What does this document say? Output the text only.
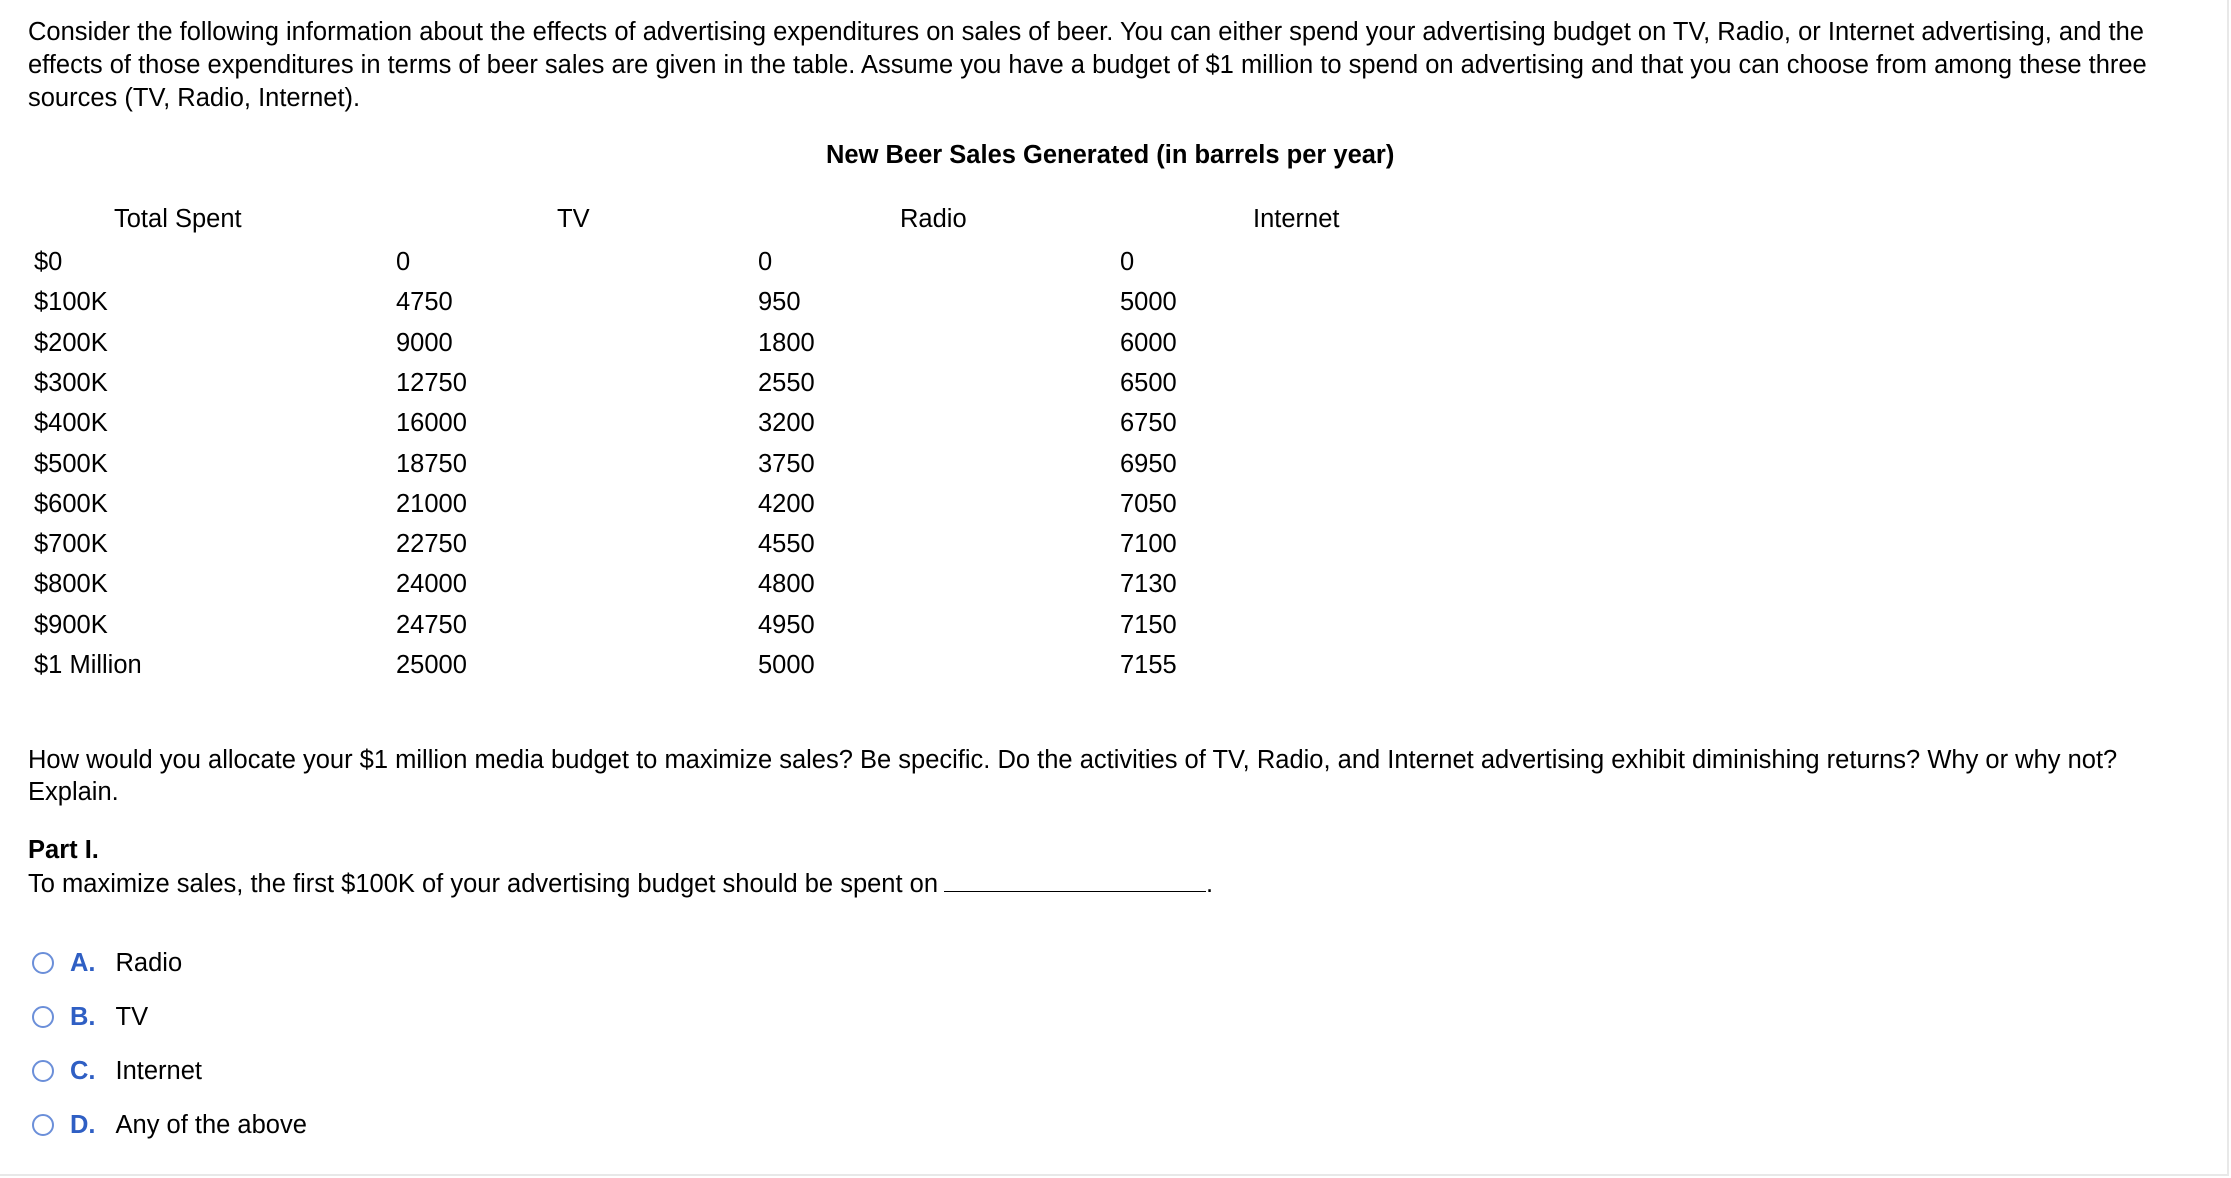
Consider the following information about the effects of advertising expenditures on sales of beer. You can either spend your advertising budget on TV, Radio, or Internet advertising, and the effects of those expenditures in terms of beer sales are given in the table. Assume you have a budget of $1 million to spend on advertising and that you can choose from among these three sources (TV, Radio, Internet).
New Beer Sales Generated (in barrels per year)
Total Spent	TV	Radio	Internet
$0	0	0	0
$100K	4750	950	5000
$200K	9000	1800	6000
$300K	12750	2550	6500
$400K	16000	3200	6750
$500K	18750	3750	6950
$600K	21000	4200	7050
$700K	22750	4550	7100
$800K	24000	4800	7130
$900K	24750	4950	7150
$1 Million	25000	5000	7155
How would you allocate your $1 million media budget to maximize sales? Be specific. Do the activities of TV, Radio, and Internet advertising exhibit diminishing returns? Why or why not? Explain.
Part I.
To maximize sales, the first $100K of your advertising budget should be spent on	.
A. Radio
B. TV
C. Internet
D. Any of the above
